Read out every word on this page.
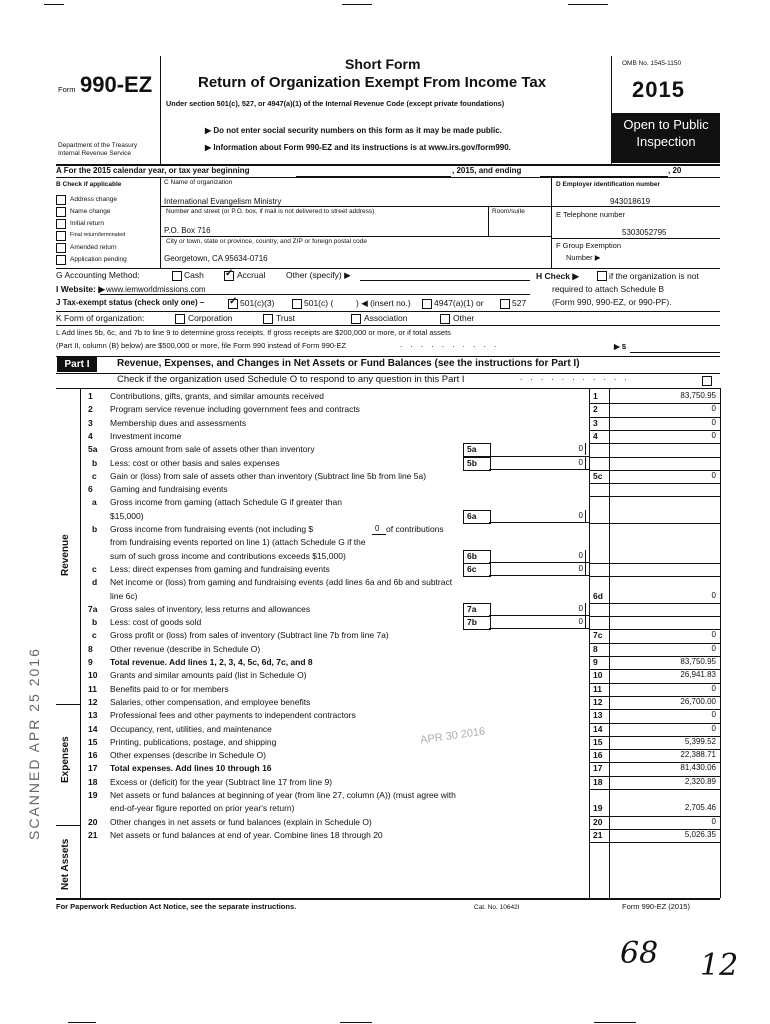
Form 990-EZ
Department of the Treasury
Internal Revenue Service
Short Form
Return of Organization Exempt From Income Tax
Under section 501(c), 527, or 4947(a)(1) of the Internal Revenue Code (except private foundations)
▶ Do not enter social security numbers on this form as it may be made public.
▶ Information about Form 990-EZ and its instructions is at www.irs.gov/form990.
OMB No. 1545-1150
2015
Open to Public
Inspection
A For the 2015 calendar year, or tax year beginning	, 2015, and ending	, 20
B Check if applicable
Address change
Name change
Initial return
Final return/terminated
Amended return
Application pending
C Name of organization
International Evangelism Ministry
Number and street (or P.O. box, if mail is not delivered to street address)	Room/suite
P.O. Box 716
City or town, state or province, country, and ZIP or foreign postal code
Georgetown, CA 95634-0716
D Employer identification number
943018619
E Telephone number
5303052795
F Group Exemption
Number ▶
G Accounting Method:	Cash ✓	Accrual Other (specify) ▶	H Check ▶	if the organization is not
required to attach Schedule B
(Form 990, 990-EZ, or 990-PF).
I Website: ▶ www.iemworldmissions.com
J Tax-exempt status (check only one) – ✓	501(c)(3)	501(c) (	) ◀ (insert no.)	4947(a)(1) or	527
K Form of organization:	Corporation	Trust	Association	Other
L Add lines 5b, 6c, and 7b to line 9 to determine gross receipts. If gross receipts are $200,000 or more, or if total assets
(Part II, column (B) below) are $500,000 or more, file Form 990 instead of Form 990-EZ	. . . . . . . . . .	▶ $
Part I	Revenue, Expenses, and Changes in Net Assets or Fund Balances (see the instructions for Part I)
Check if the organization used Schedule O to respond to any question in this Part I	. . . . . . . . . . .
Revenue
Expenses
Net Assets
1 Contributions, gifts, grants, and similar amounts received	1	83,750.95
2 Program service revenue including government fees and contracts	2	0
3 Membership dues and assessments	3	0
4 Investment income	4	0
5a Gross amount from sale of assets other than inventory	5a	0
b Less: cost or other basis and sales expenses	5b	0
c Gain or (loss) from sale of assets other than inventory (Subtract line 5b from line 5a)	5c	0
6 Gaming and fundraising events
a Gross income from gaming (attach Schedule G if greater than
$15,000)	6a	0
b Gross income from fundraising events (not including $	0 of contributions
from fundraising events reported on line 1) (attach Schedule G if the
sum of such gross income and contributions exceeds $15,000)	6b	0
c Less: direct expenses from gaming and fundraising events	6c	0
d Net income or (loss) from gaming and fundraising events (add lines 6a and 6b and subtract
line 6c)	6d	0
7a Gross sales of inventory, less returns and allowances	7a	0
b Less: cost of goods sold	7b	0
c Gross profit or (loss) from sales of inventory (Subtract line 7b from line 7a)	7c	0
8 Other revenue (describe in Schedule O)	8	0
9 Total revenue. Add lines 1, 2, 3, 4, 5c, 6d, 7c, and 8	9	83,750.95
10 Grants and similar amounts paid (list in Schedule O)	10	26,941.83
11 Benefits paid to or for members	11	0
12 Salaries, other compensation, and employee benefits	12	26,700.00
13 Professional fees and other payments to independent contractors	13	0
14 Occupancy, rent, utilities, and maintenance	14	0
15 Printing, publications, postage, and shipping	15	5,399.52
16 Other expenses (describe in Schedule O)	16	22,388.71
17 Total expenses. Add lines 10 through 16	17	81,430.06
18 Excess or (deficit) for the year (Subtract line 17 from line 9)	18	2,320.89
19 Net assets or fund balances at beginning of year (from line 27, column (A)) (must agree with
end-of-year figure reported on prior year's return)	19	2,705.46
20 Other changes in net assets or fund balances (explain in Schedule O)	20	0
21 Net assets or fund balances at end of year. Combine lines 18 through 20	21	5,026.35
For Paperwork Reduction Act Notice, see the separate instructions.	Cat. No. 10642I	Form 990-EZ (2015)
APR 30 2016
SCANNED APR 25 2016
68 12
